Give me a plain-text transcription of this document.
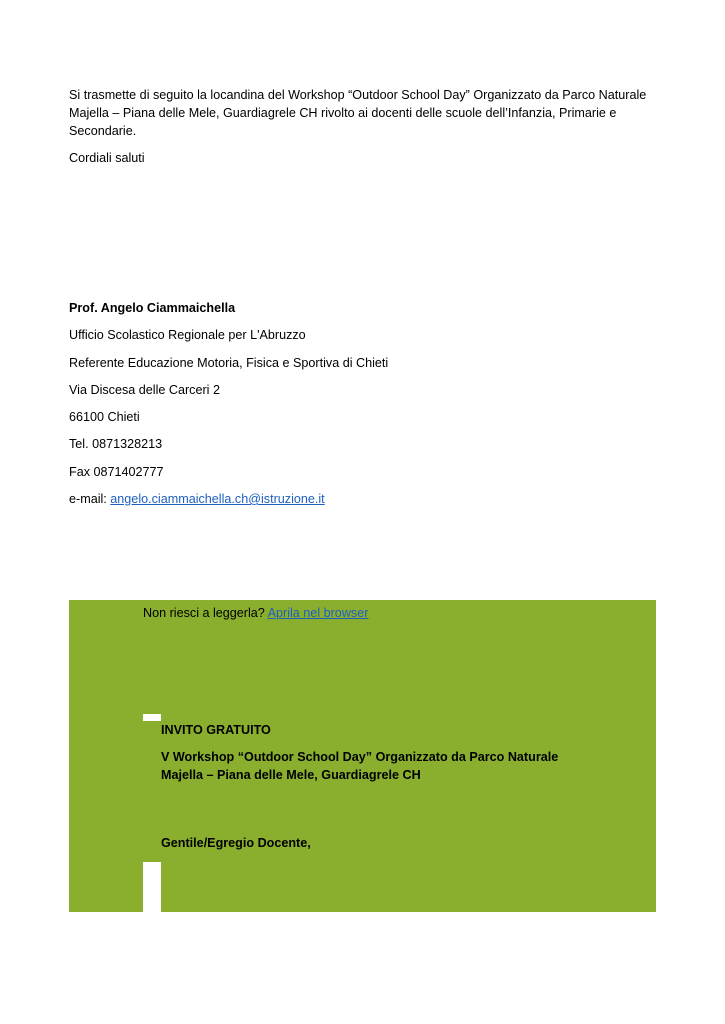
Si trasmette di seguito la locandina del Workshop “Outdoor School Day” Organizzato da Parco Naturale
Majella – Piana delle Mele, Guardiagrele CH rivolto ai docenti delle scuole dell’Infanzia, Primarie e
Secondarie.
Cordiali saluti
Prof. Angelo Ciammaichella
Ufficio Scolastico Regionale per L'Abruzzo
Referente Educazione Motoria, Fisica e Sportiva di Chieti
Via Discesa delle Carceri 2
66100 Chieti
Tel. 0871328213
Fax 0871402777
e-mail: angelo.ciammaichella.ch@istruzione.it
Non riesci a leggerla? Aprila nel browser
INVITO GRATUITO
V Workshop “Outdoor School Day” Organizzato da Parco Naturale
Majella – Piana delle Mele, Guardiagrele CH
Gentile/Egregio Docente,
